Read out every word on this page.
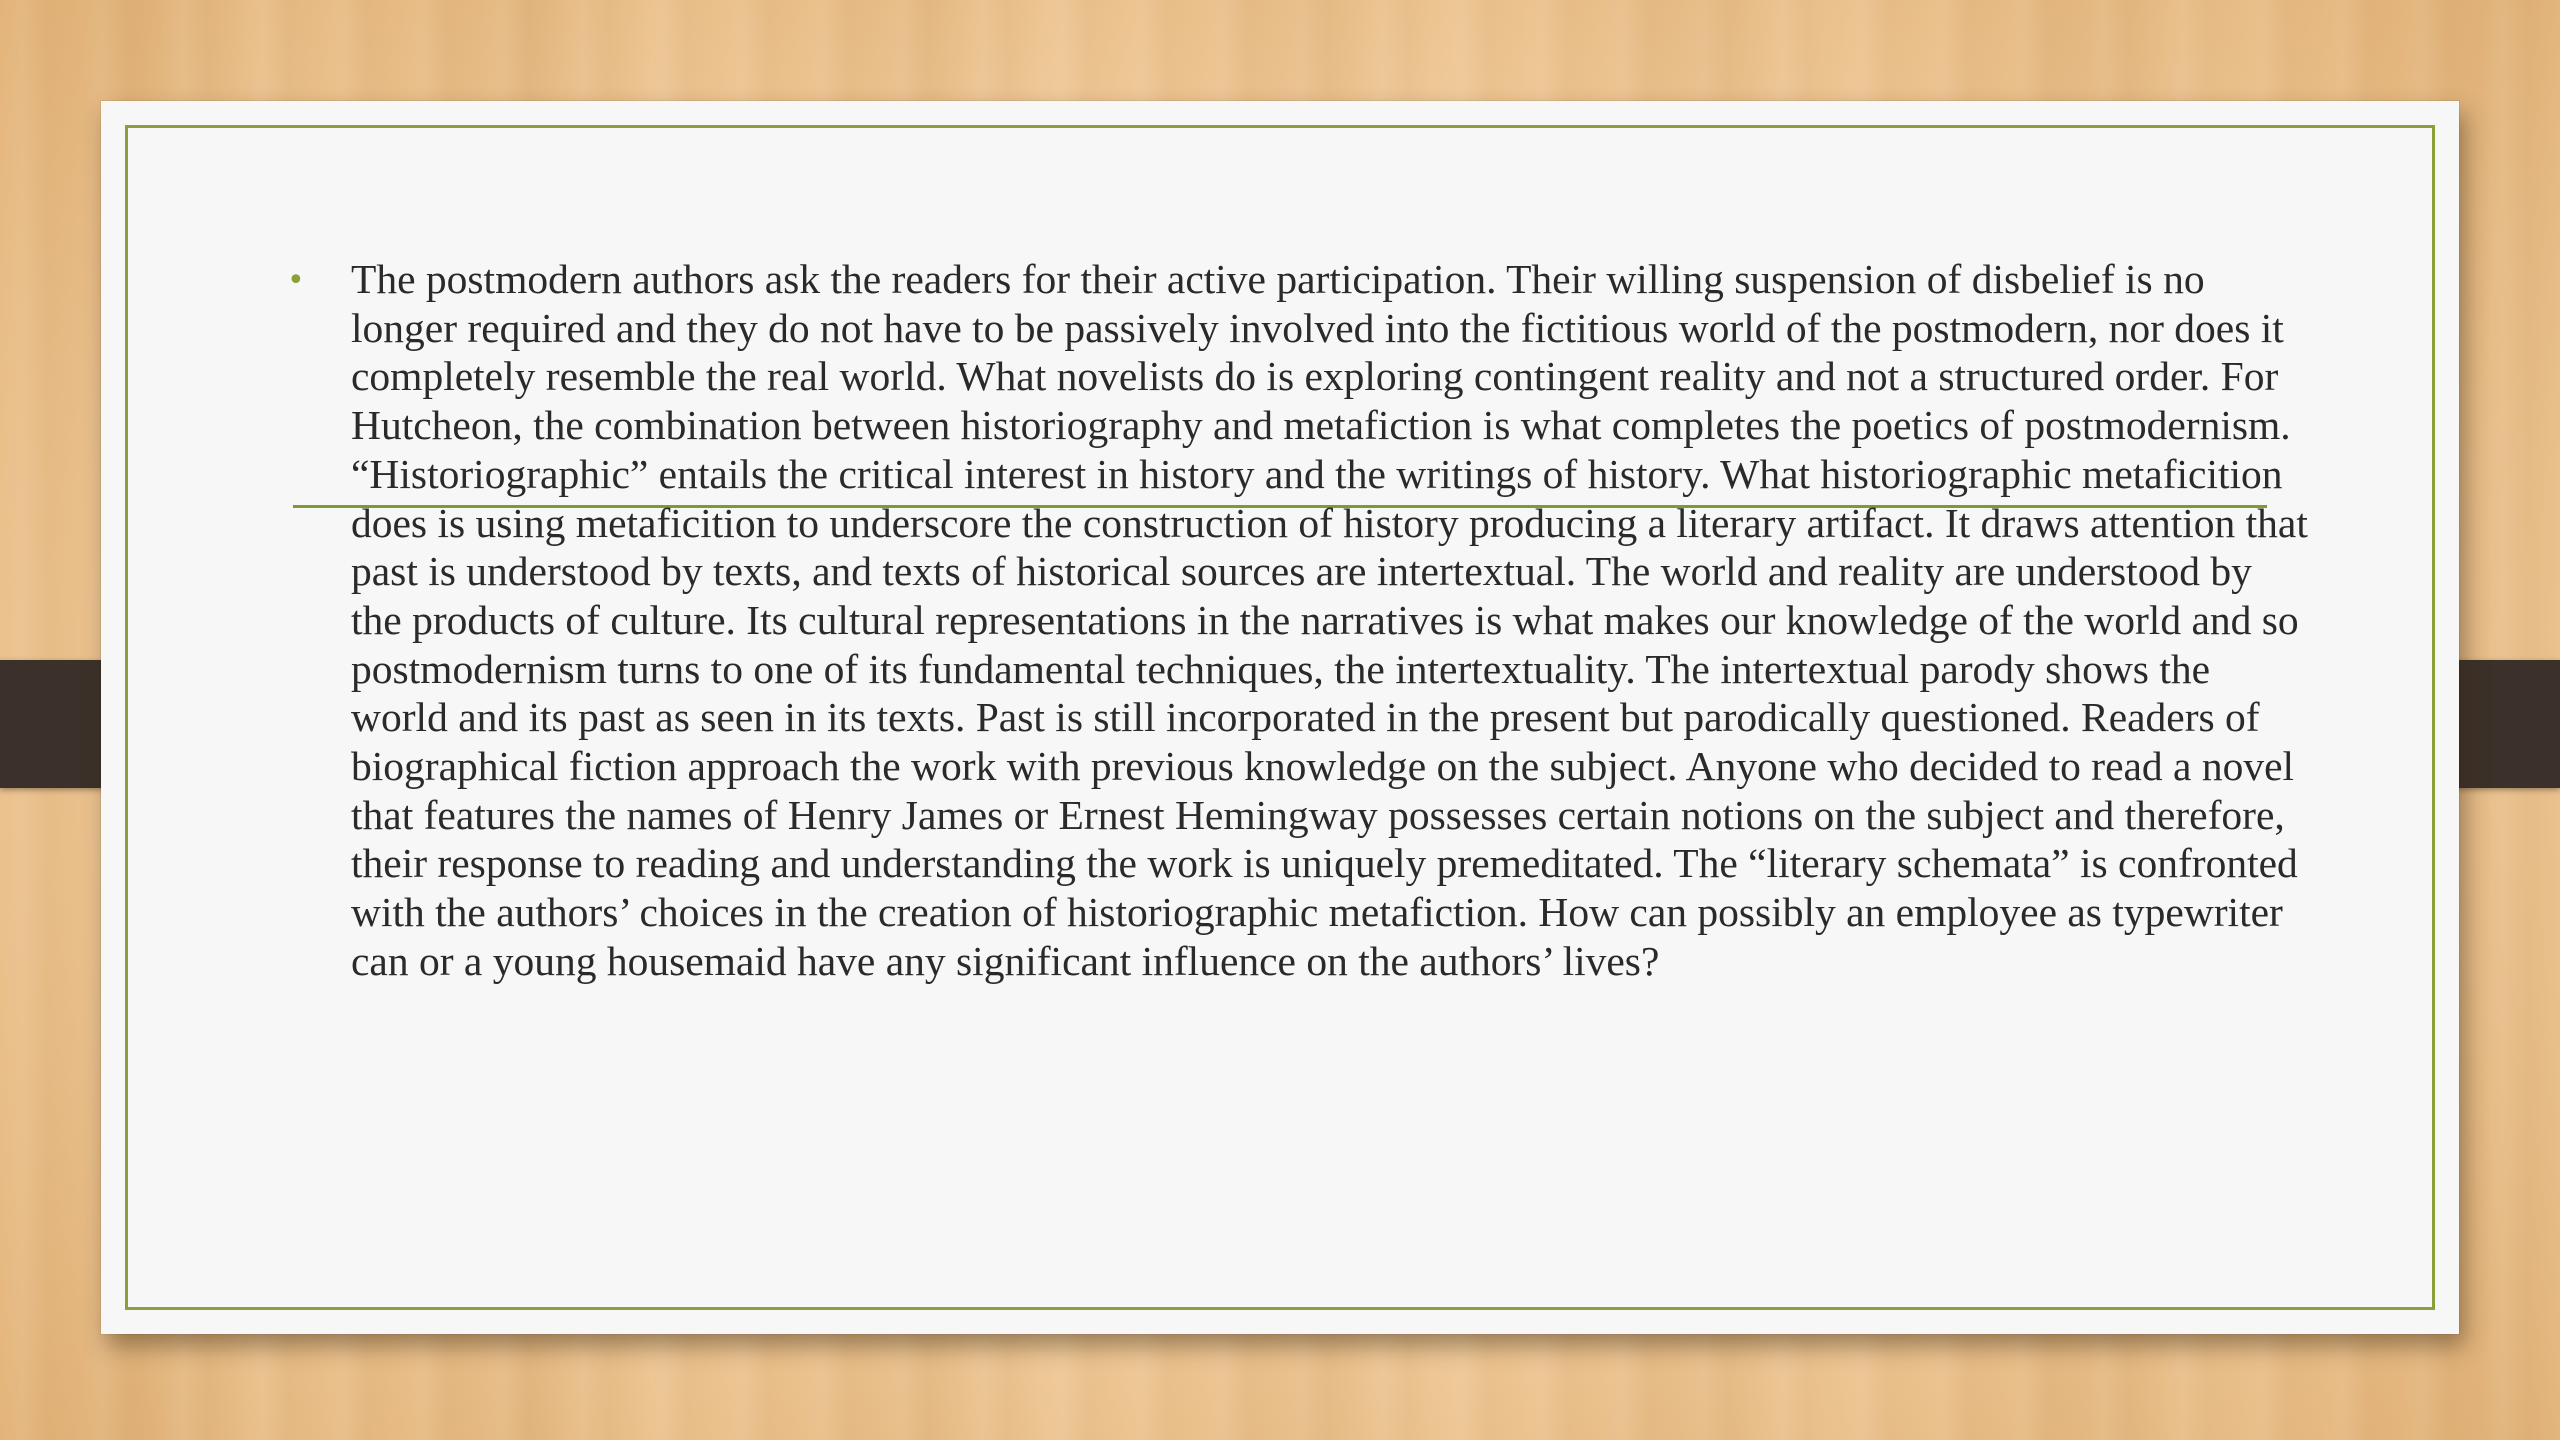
• The postmodern authors ask the readers for their active participation. Their willing suspension of disbelief is no longer required and they do not have to be passively involved into the fictitious world of the postmodern, nor does it completely resemble the real world. What novelists do is exploring contingent reality and not a structured order. For Hutcheon, the combination between historiography and metafiction is what completes the poetics of postmodernism. “Historiographic” entails the critical interest in history and the writings of history. What historiographic metaficition does is using metaficition to underscore the construction of history producing a literary artifact. It draws attention that past is understood by texts, and texts of historical sources are intertextual. The world and reality are understood by the products of culture. Its cultural representations in the narratives is what makes our knowledge of the world and so postmodernism turns to one of its fundamental techniques, the intertextuality. The intertextual parody shows the world and its past as seen in its texts. Past is still incorporated in the present but parodically questioned. Readers of biographical fiction approach the work with previous knowledge on the subject. Anyone who decided to read a novel that features the names of Henry James or Ernest Hemingway possesses certain notions on the subject and therefore, their response to reading and understanding the work is uniquely premeditated. The “literary schemata” is confronted with the authors’ choices in the creation of historiographic metafiction. How can possibly an employee as typewriter can or a young housemaid have any significant influence on the authors’ lives?
